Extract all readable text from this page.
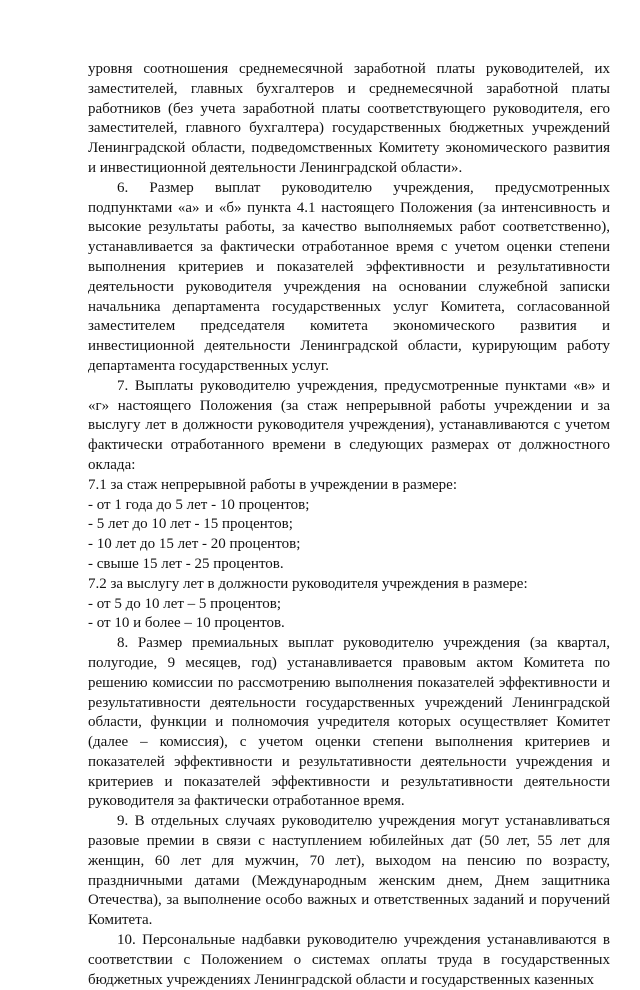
уровня соотношения среднемесячной заработной платы руководителей, их заместителей, главных бухгалтеров и среднемесячной заработной платы работников (без учета заработной платы соответствующего руководителя, его заместителей, главного бухгалтера) государственных бюджетных учреждений Ленинградской области, подведомственных Комитету экономического развития и инвестиционной деятельности Ленинградской области».

6. Размер выплат руководителю учреждения, предусмотренных подпунктами «а» и «б» пункта 4.1 настоящего Положения (за интенсивность и высокие результаты работы, за качество выполняемых работ соответственно), устанавливается за фактически отработанное время с учетом оценки степени выполнения критериев и показателей эффективности и результативности деятельности руководителя учреждения на основании служебной записки начальника департамента государственных услуг Комитета, согласованной заместителем председателя комитета экономического развития и инвестиционной деятельности Ленинградской области, курирующим работу департамента государственных услуг.

7. Выплаты руководителю учреждения, предусмотренные пунктами «в» и «г» настоящего Положения (за стаж непрерывной работы учреждении и за выслугу лет в должности руководителя учреждения), устанавливаются с учетом фактически отработанного времени в следующих размерах от должностного оклада:

7.1 за стаж непрерывной работы в учреждении в размере:

- от 1 года до 5 лет - 10 процентов;

- 5 лет до 10 лет - 15 процентов;

- 10 лет до 15 лет - 20 процентов;

- свыше 15 лет - 25 процентов.

7.2 за выслугу лет в должности руководителя учреждения в размере:

- от 5 до 10 лет – 5 процентов;

- от 10 и более – 10 процентов.

8. Размер премиальных выплат руководителю учреждения (за квартал, полугодие, 9 месяцев, год) устанавливается правовым актом Комитета по решению комиссии по рассмотрению выполнения показателей эффективности и результативности деятельности государственных учреждений Ленинградской области, функции и полномочия учредителя которых осуществляет Комитет (далее – комиссия), с учетом оценки степени выполнения критериев и показателей эффективности и результативности деятельности учреждения и критериев и показателей эффективности и результативности деятельности руководителя за фактически отработанное время.

9. В отдельных случаях руководителю учреждения могут устанавливаться разовые премии в связи с наступлением юбилейных дат (50 лет, 55 лет для женщин, 60 лет для мужчин, 70 лет), выходом на пенсию по возрасту, праздничными датами (Международным женским днем, Днем защитника Отечества), за выполнение особо важных и ответственных заданий и поручений Комитета.

10. Персональные надбавки руководителю учреждения устанавливаются в соответствии с Положением о системах оплаты труда в государственных бюджетных учреждениях Ленинградской области и государственных казенных
